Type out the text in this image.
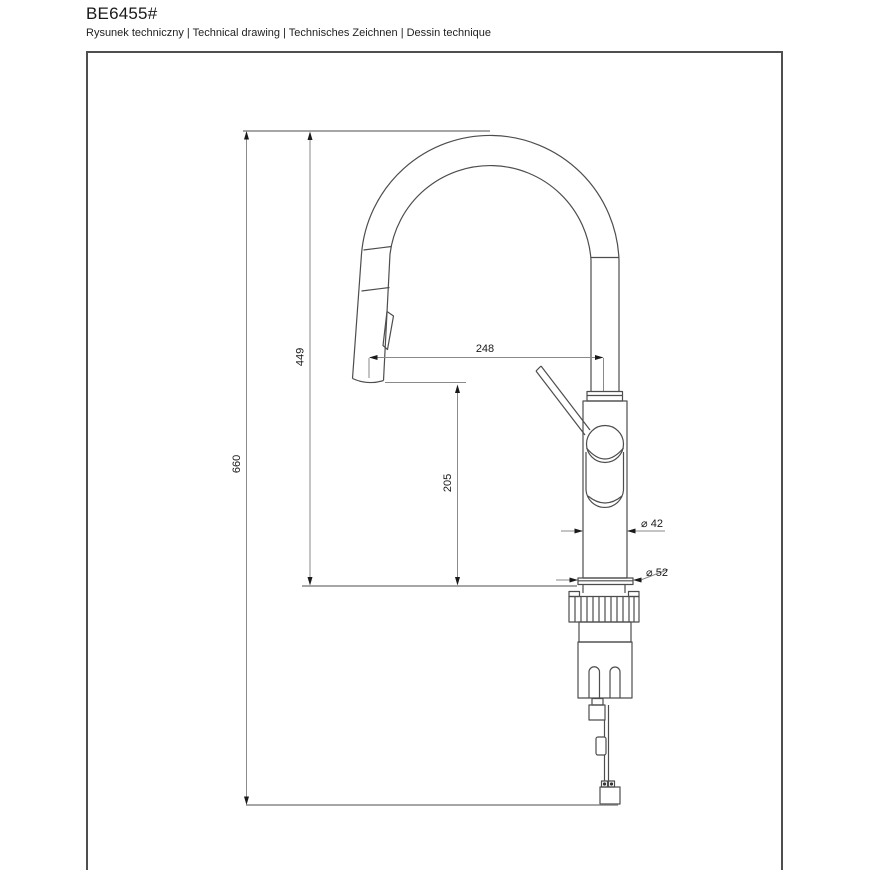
BE6455#
Rysunek techniczny | Technical drawing | Technisches Zeichnen | Dessin technique
660
449
205
248
⌀ 42
⌀ 52
